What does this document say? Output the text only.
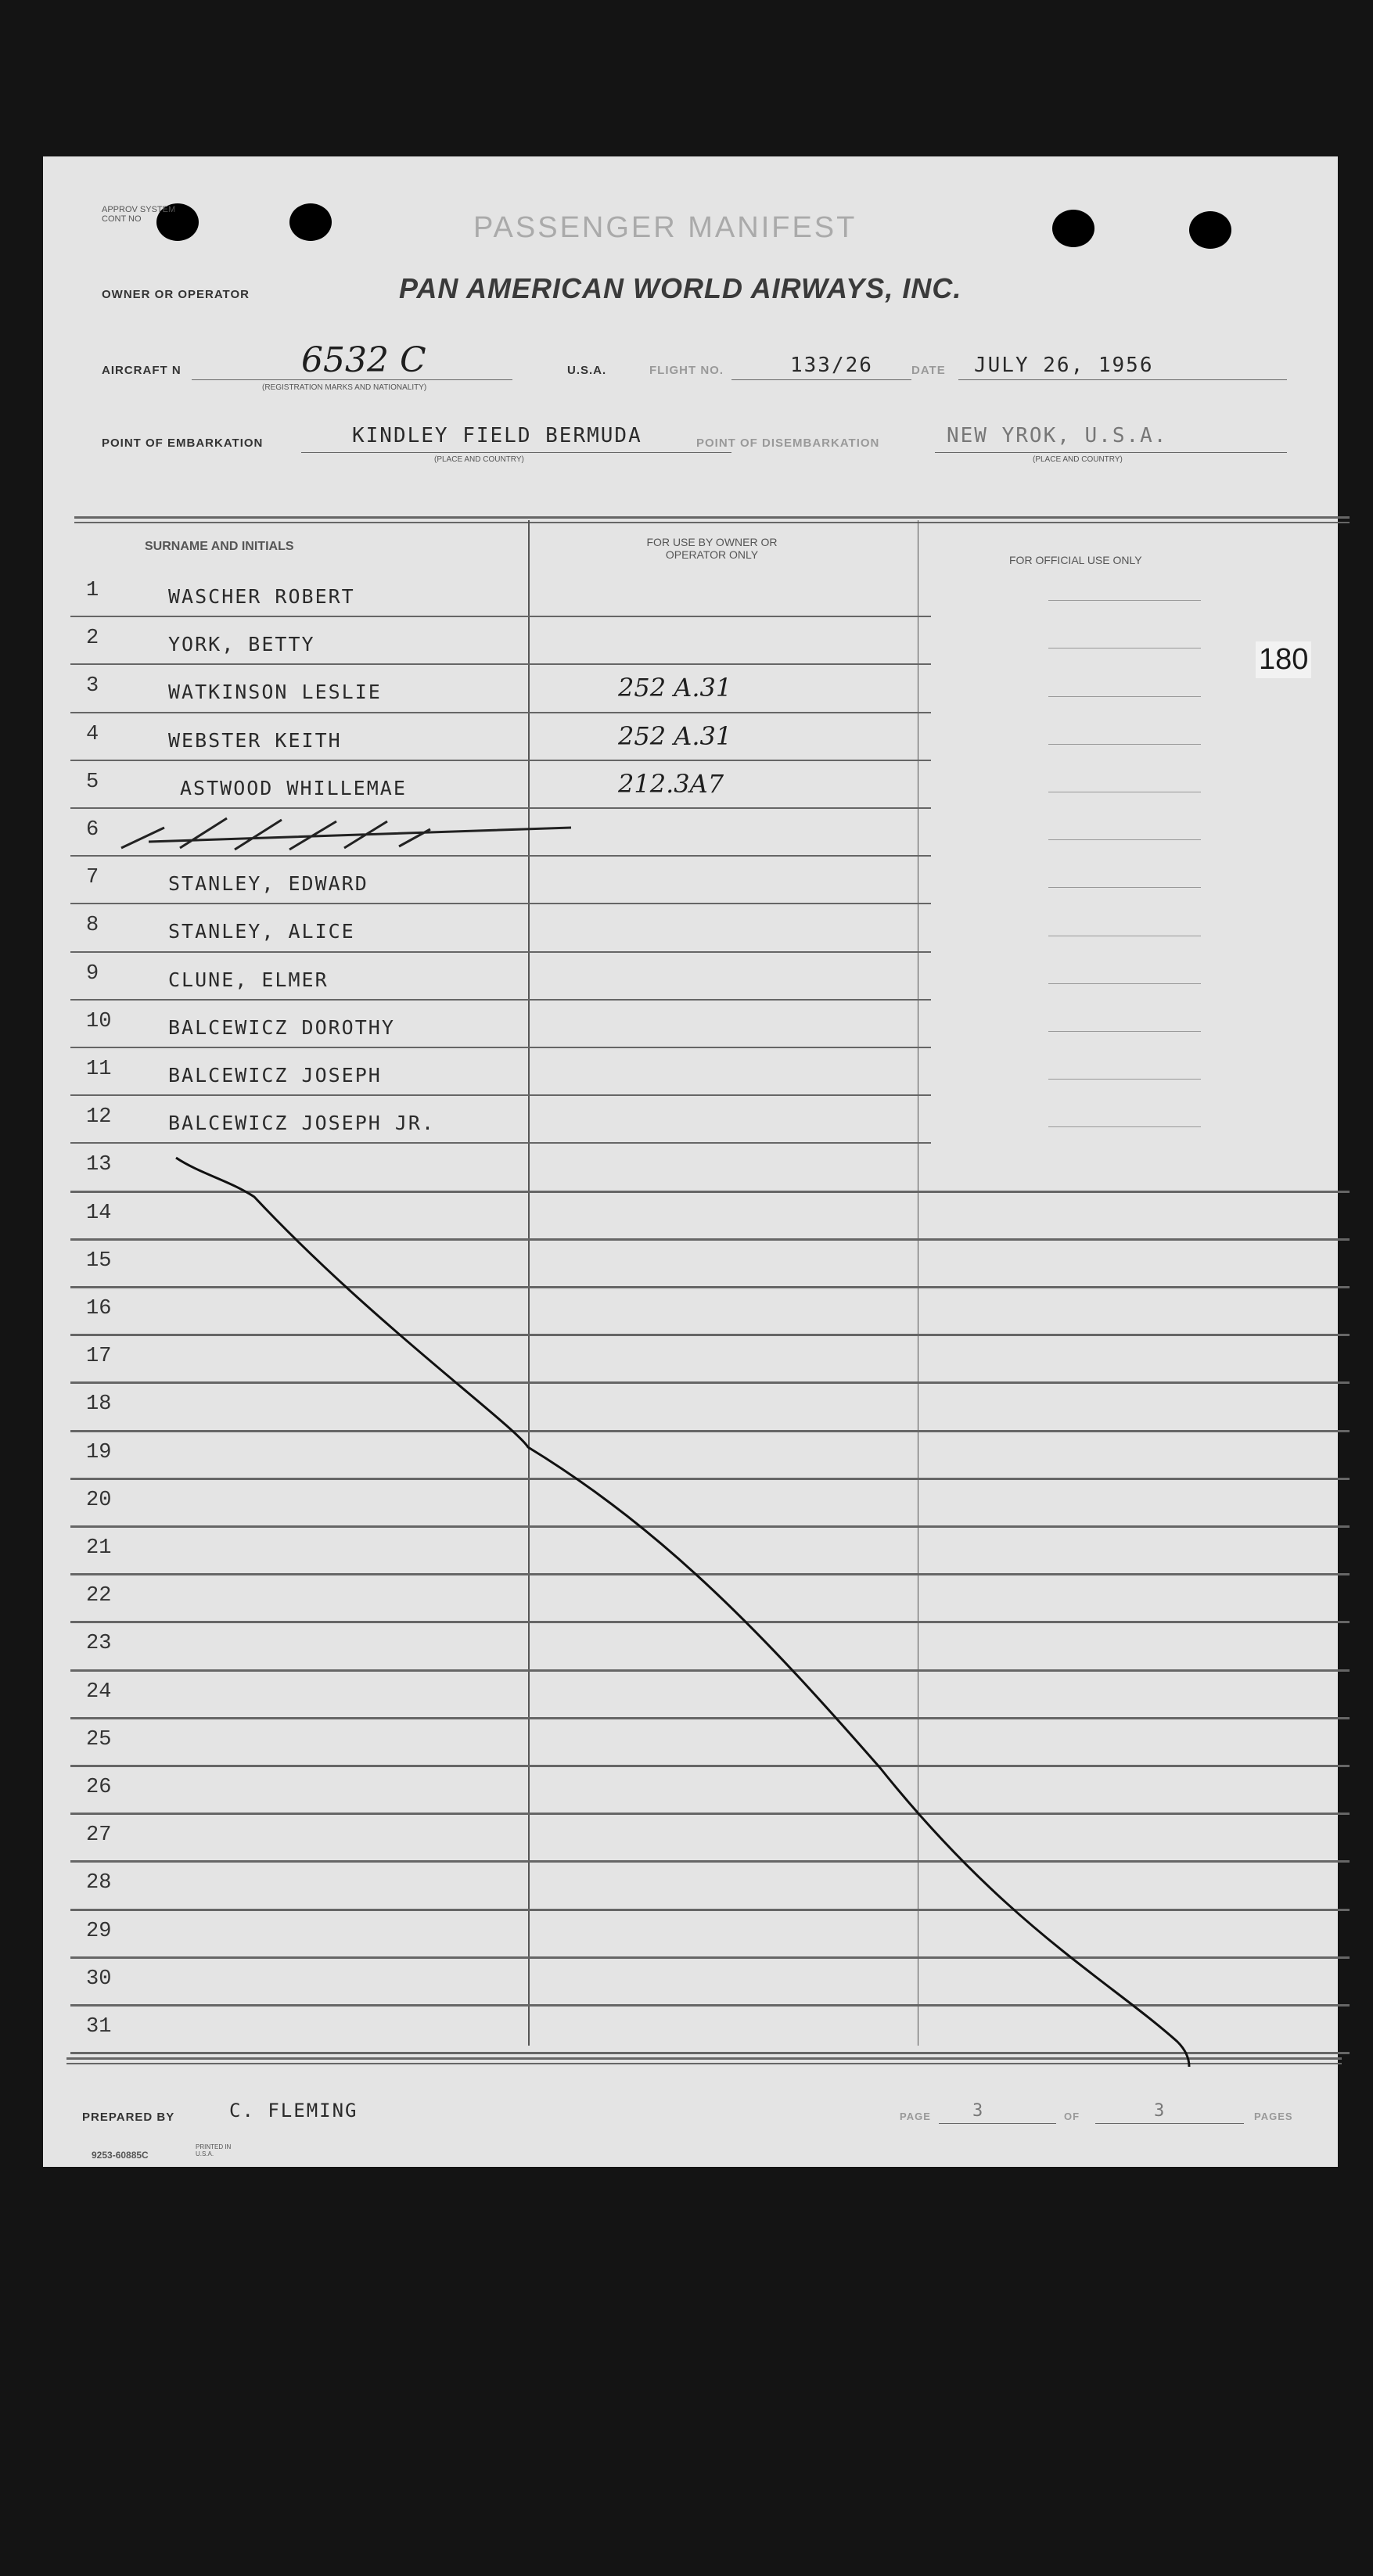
APPROV SYSTEM CONT NO	PASSENGER MANIFEST
OWNER OR OPERATOR	PAN AMERICAN WORLD AIRWAYS, INC.
AIRCRAFT N	6532 C
(REGISTRATION MARKS AND NATIONALITY)
U.S.A.	FLIGHT NO.	133/26	DATE JULY 26, 1956
POINT OF EMBARKATION	KINDLEY FIELD BERMUDA
(PLACE AND COUNTRY)
POINT OF DISEMBARKATION	NEW YROK, U.S.A.
(PLACE AND COUNTRY)
SURNAME AND INITIALS	FOR USE BY OWNER OR OPERATOR ONLY	FOR OFFICIAL USE ONLY
1	WASCHER ROBERT
2	YORK, BETTY
3	WATKINSON LESLIE	252 A.31
4	WEBSTER KEITH	252 A.31
5	ASTWOOD WHILLEMAE	212.3A7
6
7	STANLEY, EDWARD
8	STANLEY, ALICE
9	CLUNE, ELMER
10	BALCEWICZ DOROTHY
11	BALCEWICZ JOSEPH
12	BALCEWICZ JOSEPH JR.
13
14
15
16
17
18
19
20
21
22
23
24
25
26
27
28
29
30
31
PREPARED BY	C. FLEMING
9253-60885C
PRINTED IN U.S.A.
PAGE 3	OF	3	PAGES
180
